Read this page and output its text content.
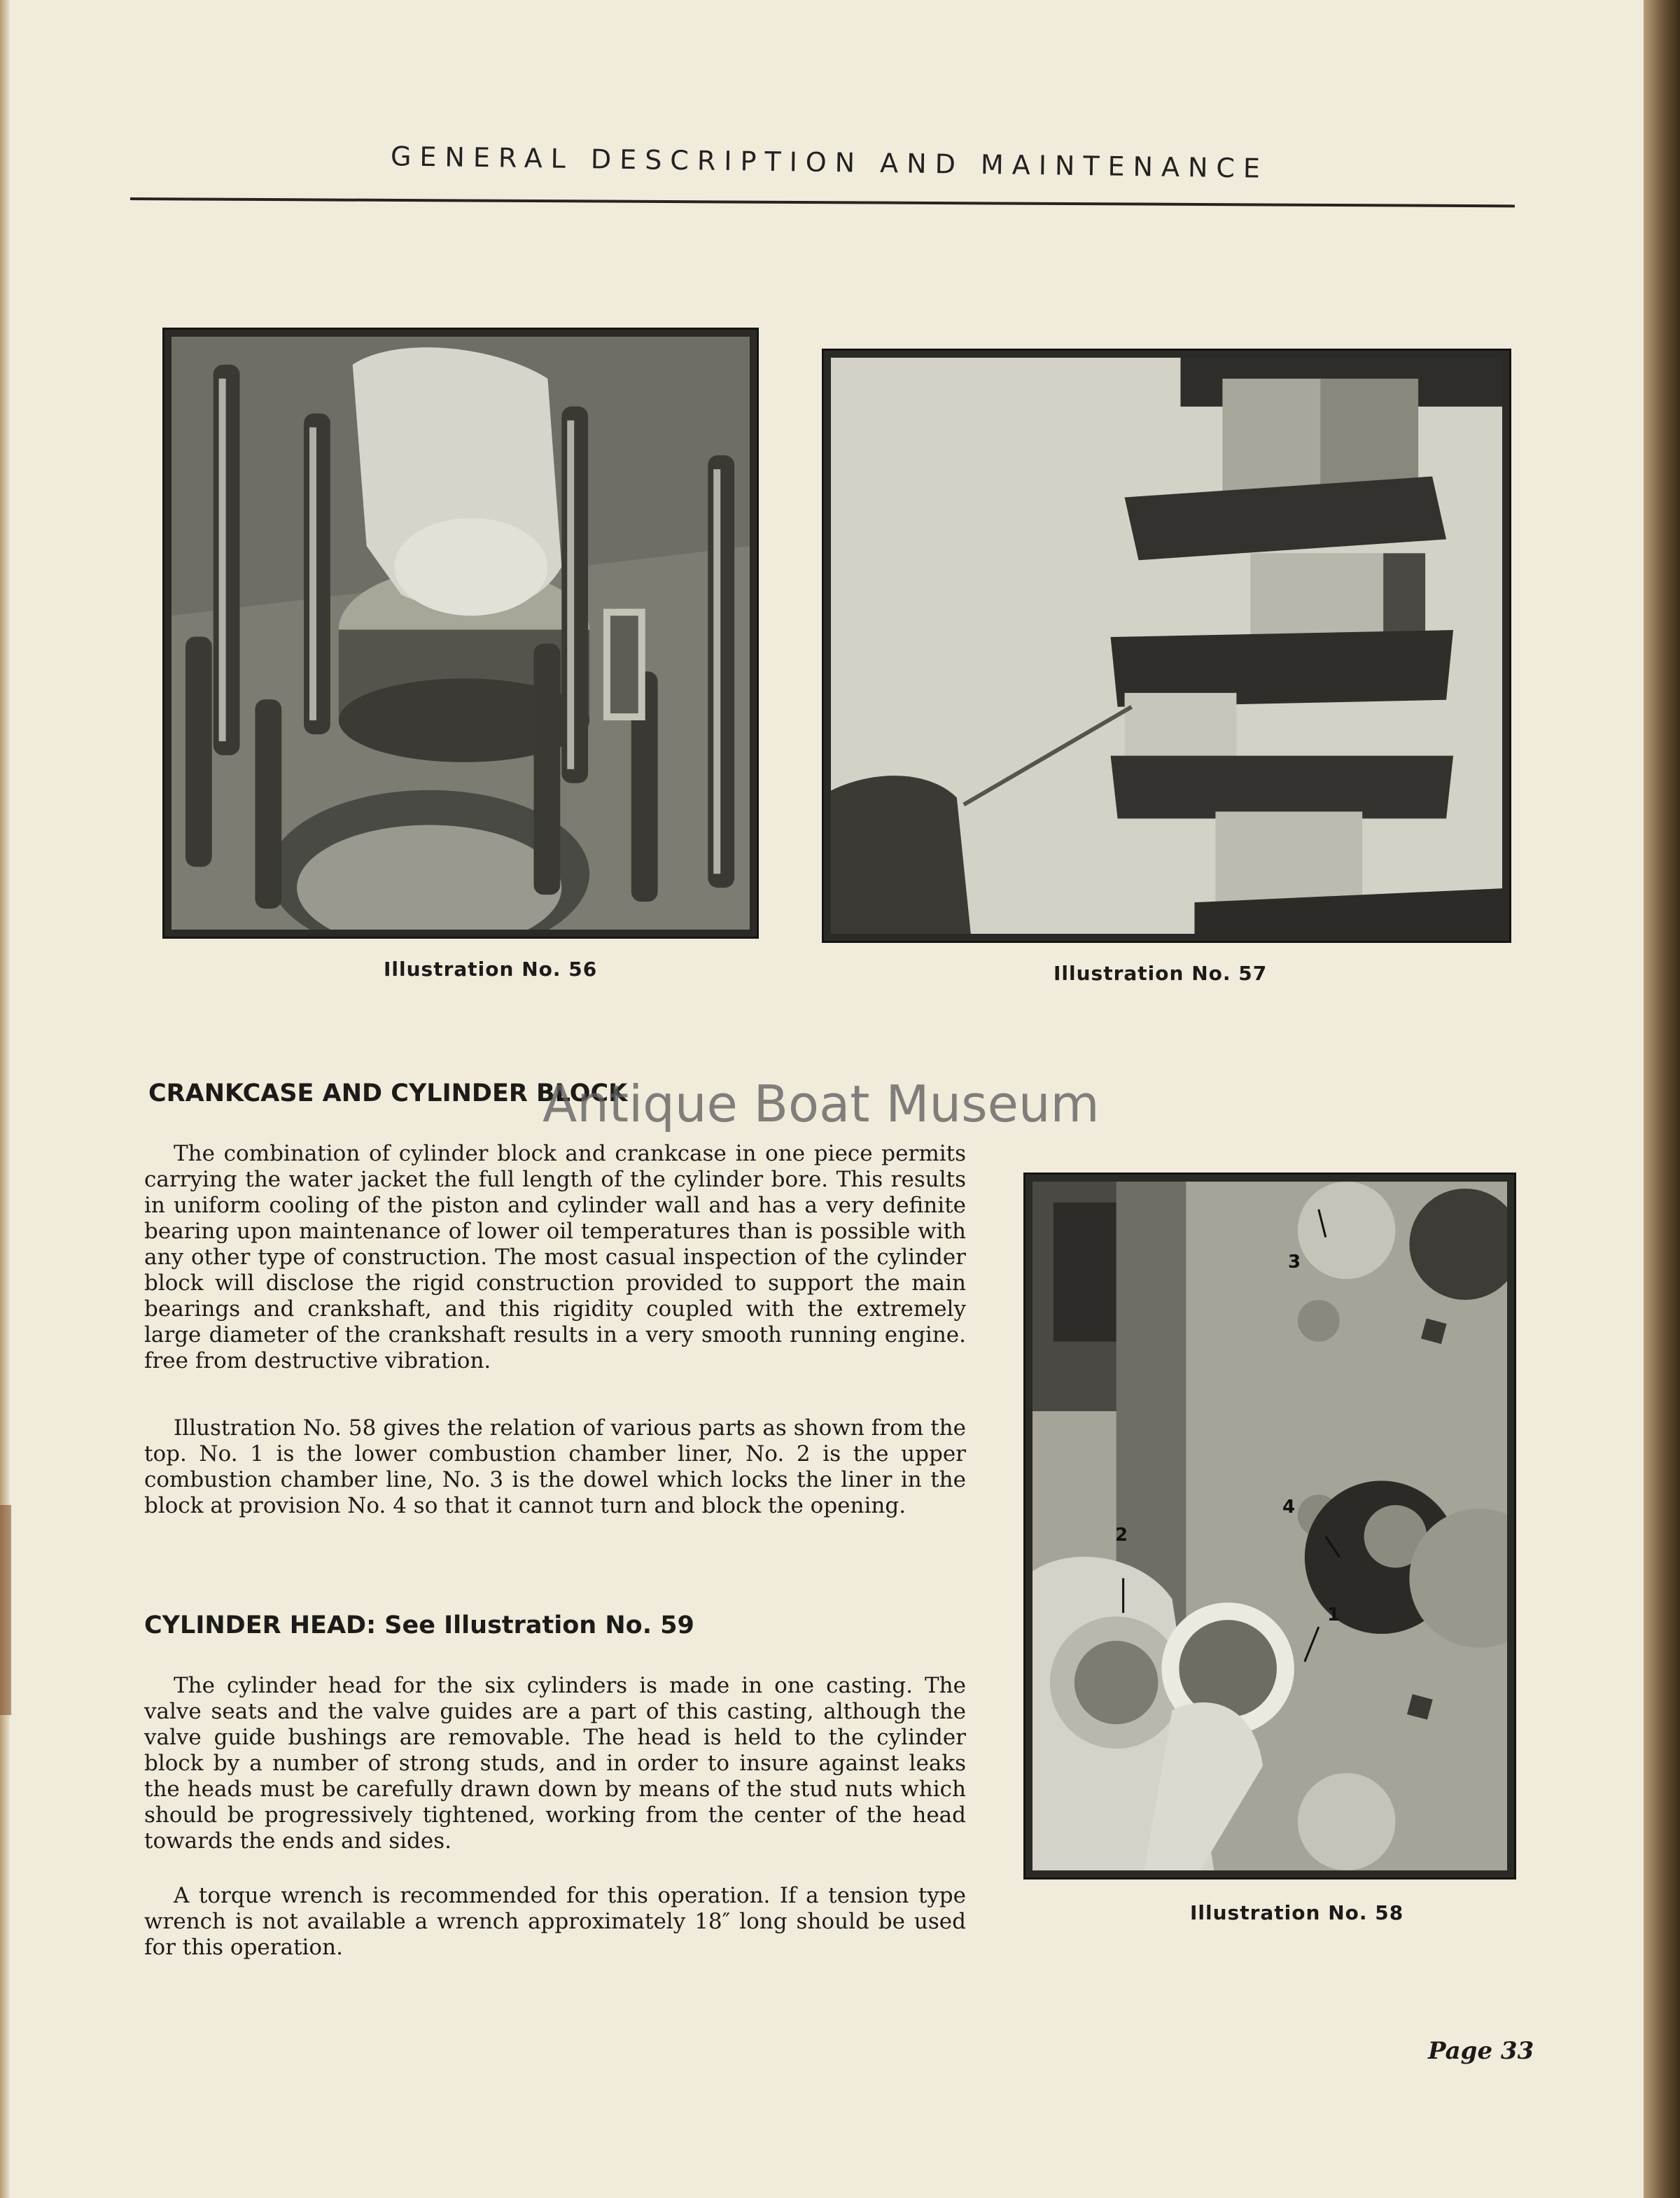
GENERAL DESCRIPTION AND MAINTENANCE
Illustration No. 56	Illustration No. 57
CRANKCASE AND CYLINDER BLOCK
Antique Boat Museum

The combination of cylinder block and crankcase in one piece permits carrying the water jacket the full length of the cylinder bore. This results in uniform cooling of the piston and cylinder wall and has a very definite bearing upon maintenance of lower oil temperatures than is possible with any other type of construction. The most casual inspection of the cylinder block will disclose the rigid construction provided to support the main bearings and crankshaft, and this rigidity coupled with the extremely large diameter of the crankshaft results in a very smooth running engine. free from destructive vibration.

Illustration No. 58 gives the relation of various parts as shown from the top. No. 1 is the lower combustion chamber liner, No. 2 is the upper combustion chamber line, No. 3 is the dowel which locks the liner in the block at provision No. 4 so that it cannot turn and block the opening.

CYLINDER HEAD: See Illustration No. 59

The cylinder head for the six cylinders is made in one casting. The valve seats and the valve guides are a part of this casting, although the valve guide bushings are removable. The head is held to the cylinder block by a number of strong studs, and in order to insure against leaks the heads must be carefully drawn down by means of the stud nuts which should be progressively tightened, working from the center of the head towards the ends and sides.

A torque wrench is recommended for this operation. If a tension type wrench is not available a wrench approximately 18″ long should be used for this operation.

1
2
3
4
Illustration No. 58
Page 33
